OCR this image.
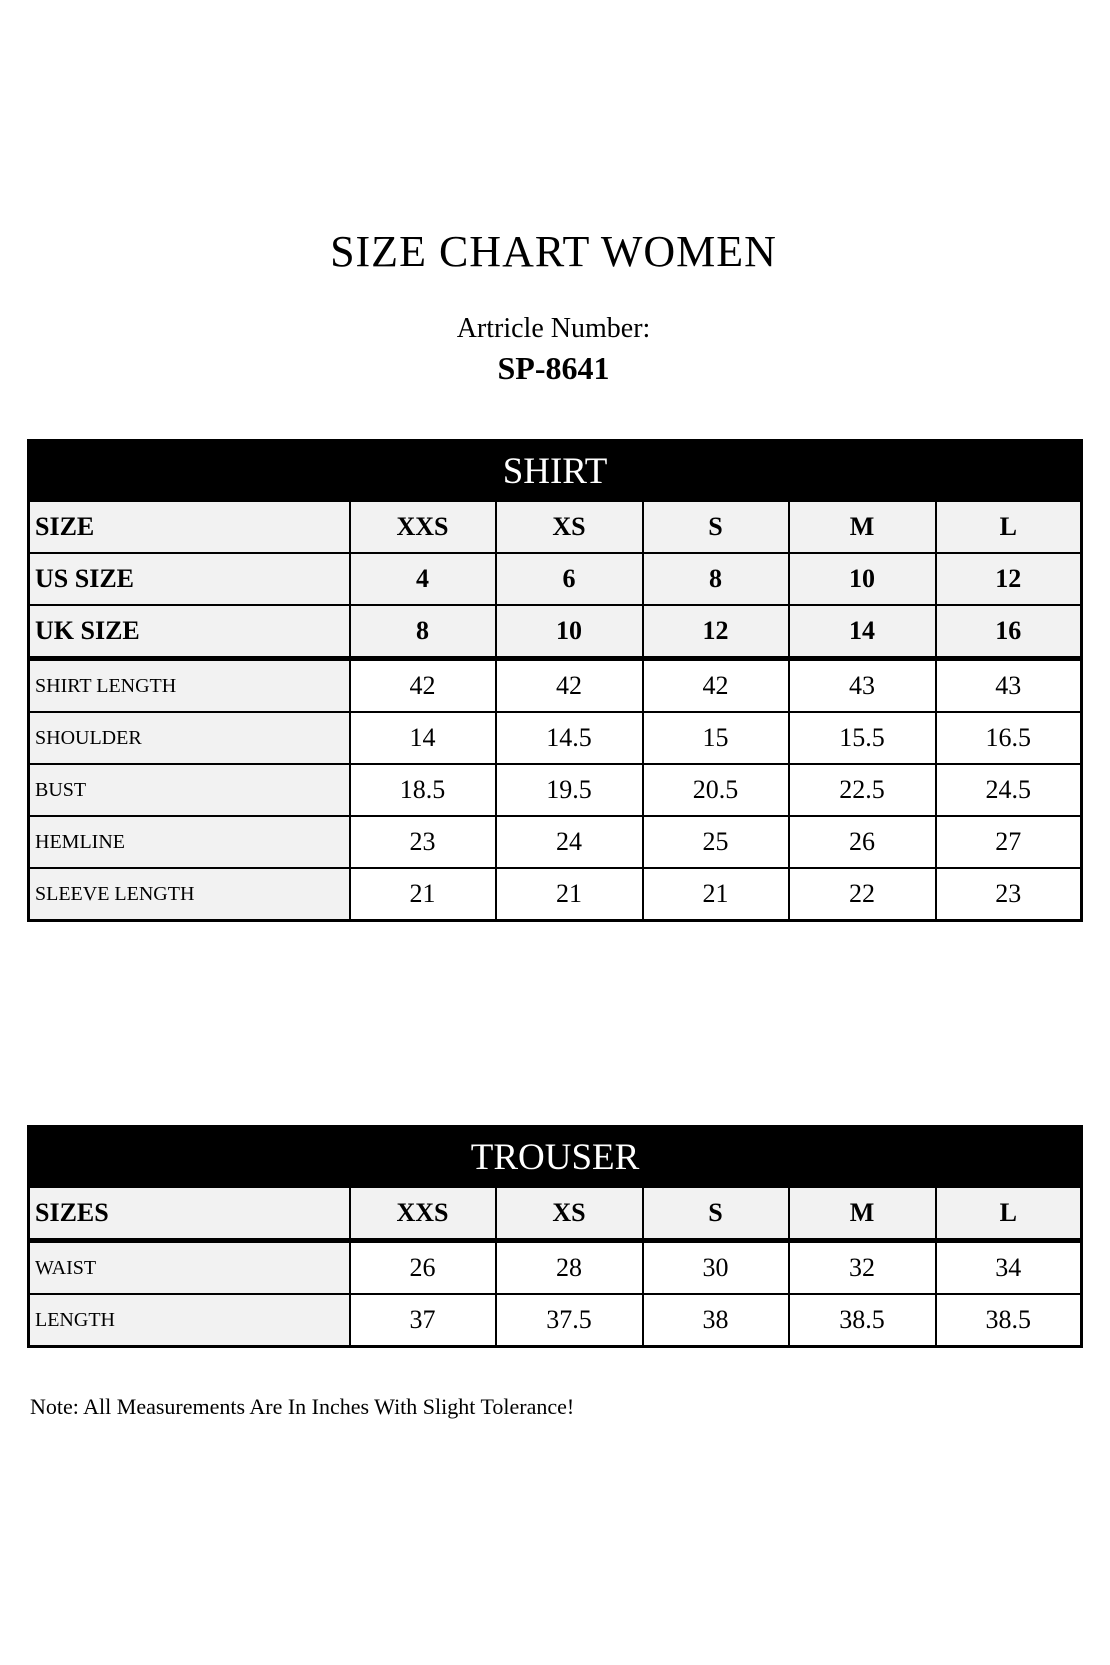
SIZE CHART WOMEN
Artricle Number:
SP-8641
SHIRT					
SIZE	XXS	XS	S	M	L
US SIZE	4	6	8	10	12
UK SIZE	8	10	12	14	16
SHIRT LENGTH	42	42	42	43	43
SHOULDER	14	14.5	15	15.5	16.5
BUST	18.5	19.5	20.5	22.5	24.5
HEMLINE	23	24	25	26	27
SLEEVE LENGTH	21	21	21	22	23
TROUSER					
SIZES	XXS	XS	S	M	L
WAIST	26	28	30	32	34
LENGTH	37	37.5	38	38.5	38.5
Note: All Measurements Are In Inches With Slight Tolerance!
